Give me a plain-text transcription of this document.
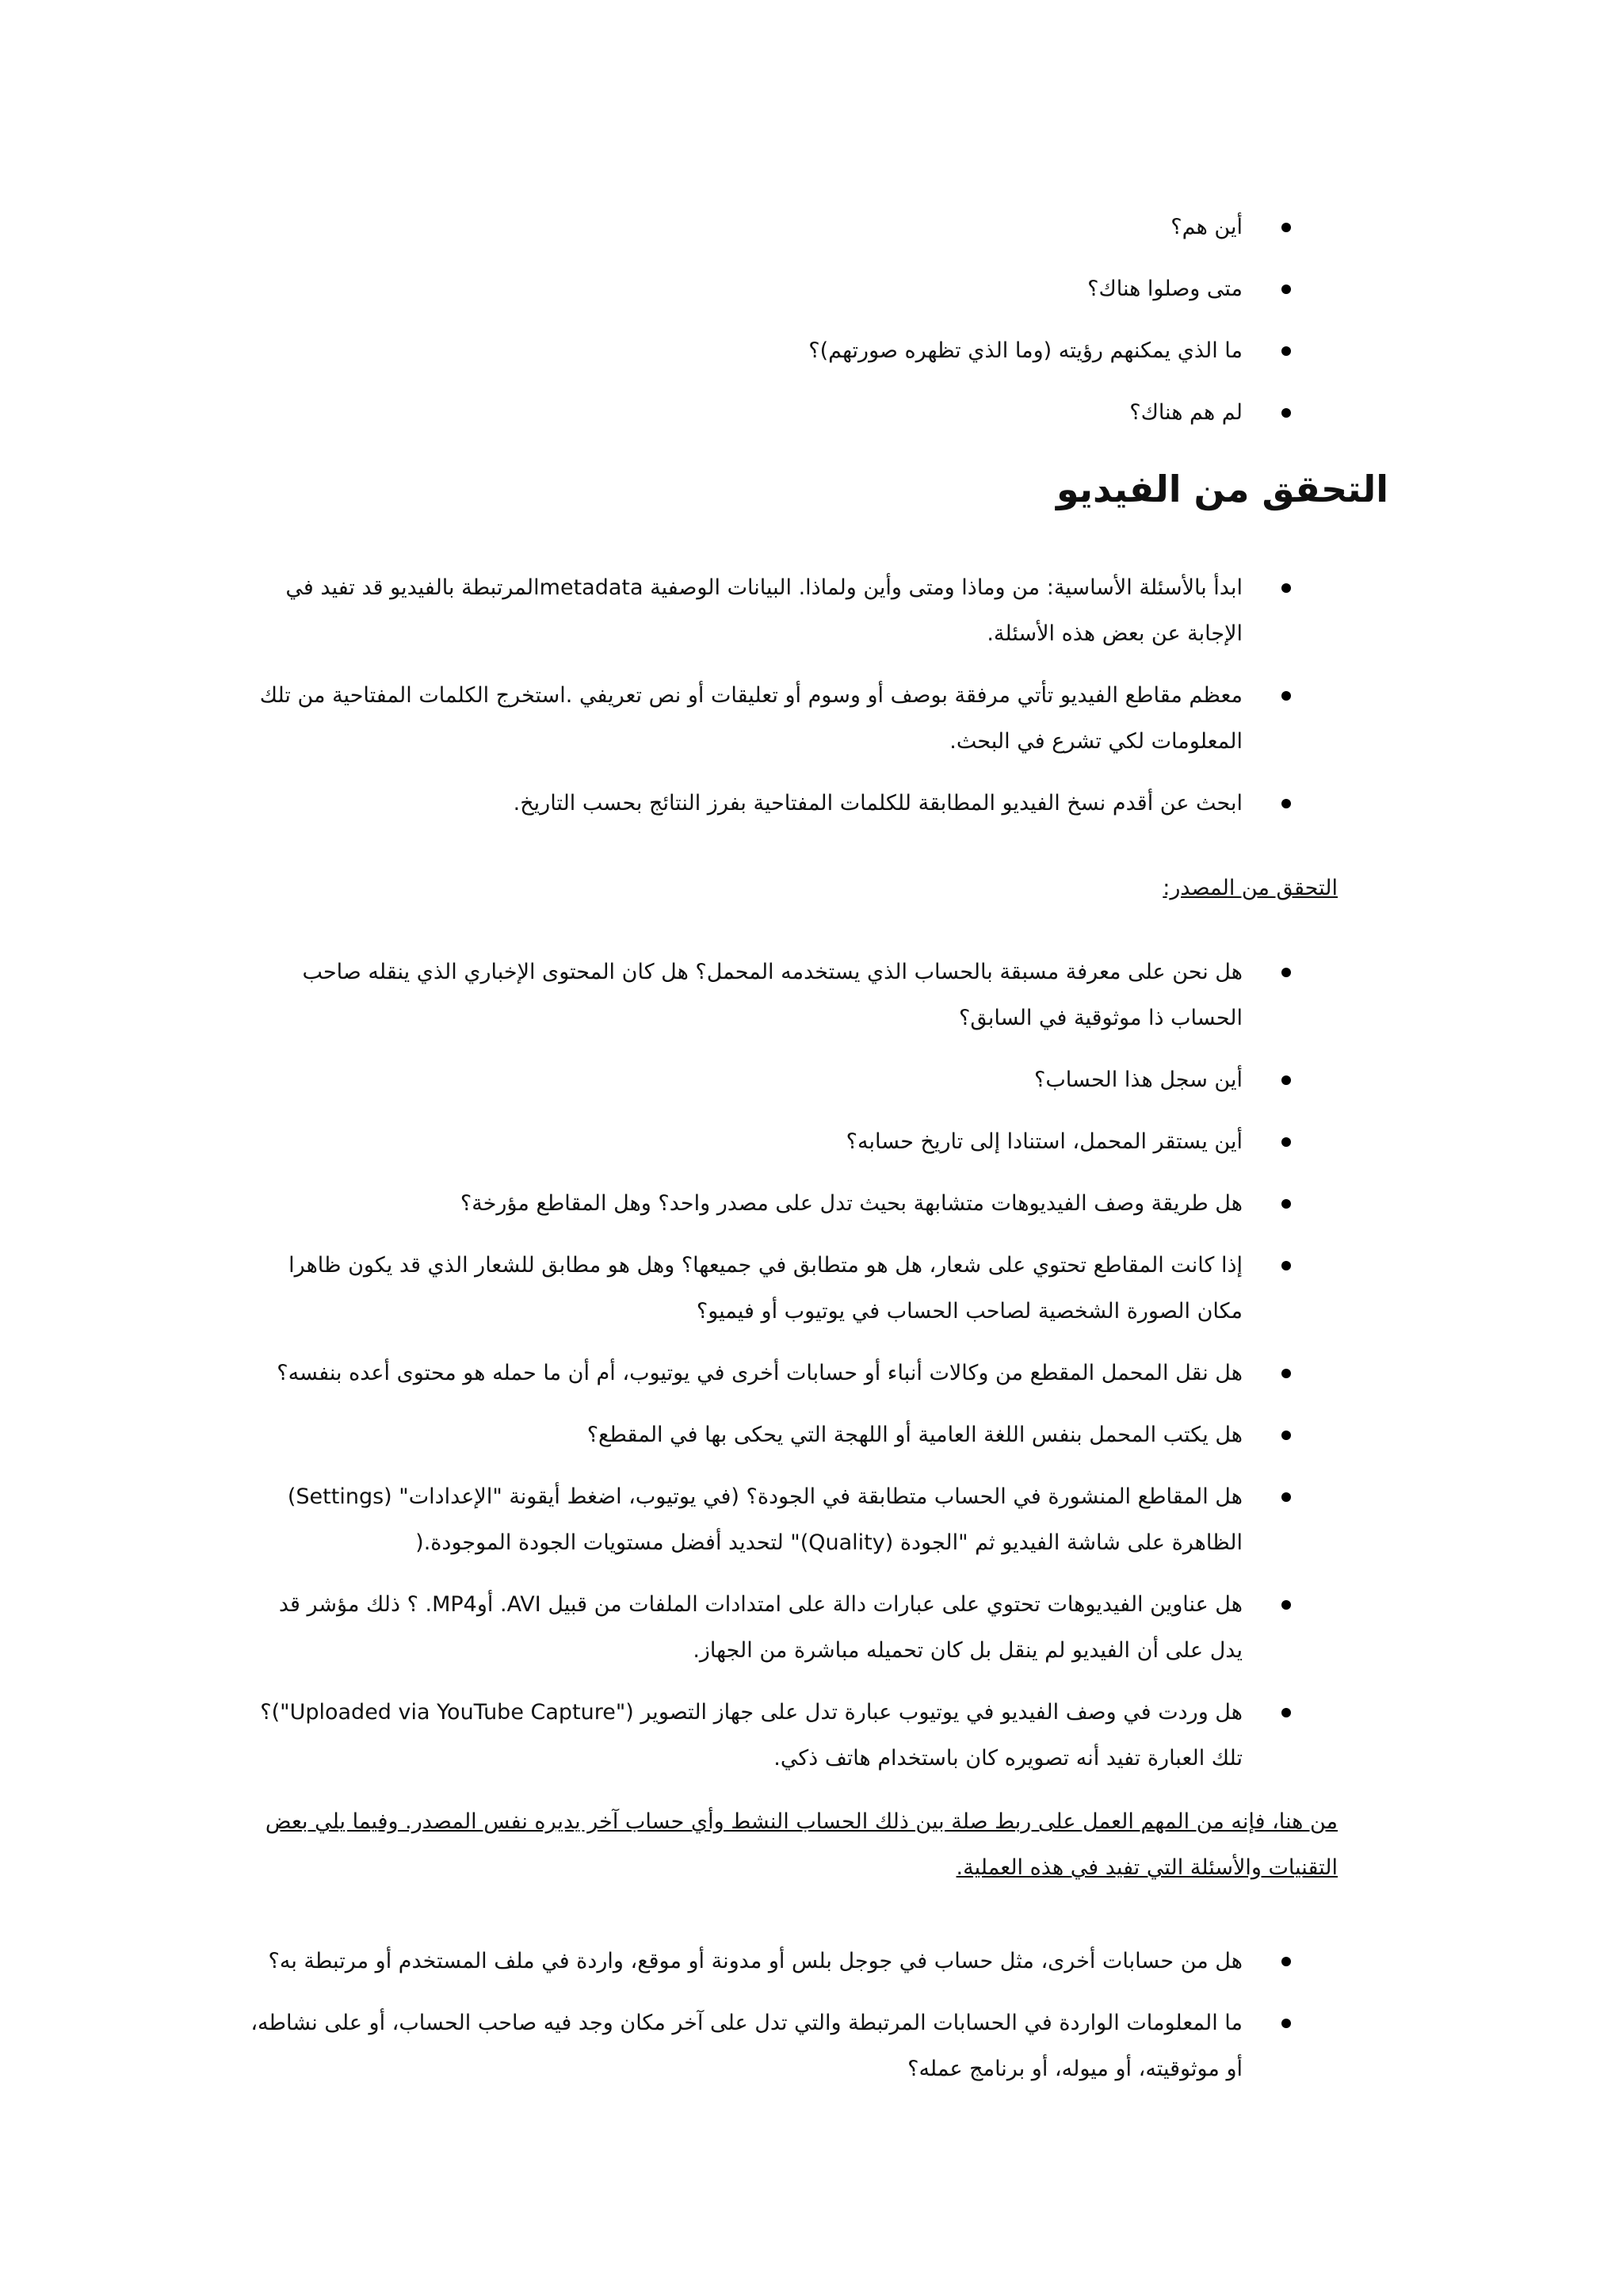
أين هم؟
متى وصلوا هناك؟
ما الذي يمكنهم رؤيته (وما الذي تظهره صورتهم)؟
لم هم هناك؟
التحقق من الفيديو
ابدأ بالأسئلة الأساسية: من وماذا ومتى وأين ولماذا. البيانات الوصفية metadataالمرتبطة بالفيديو قد تفيد في الإجابة عن بعض هذه الأسئلة.
معظم مقاطع الفيديو تأتي مرفقة بوصف أو وسوم أو تعليقات أو نص تعريفي .استخرج الكلمات المفتاحية من تلك المعلومات لكي تشرع في البحث.
ابحث عن أقدم نسخ الفيديو المطابقة للكلمات المفتاحية بفرز النتائج بحسب التاريخ.

التحقق من المصدر:

هل نحن على معرفة مسبقة بالحساب الذي يستخدمه المحمل؟ هل كان المحتوى الإخباري الذي ينقله صاحب الحساب ذا موثوقية في السابق؟
أين سجل هذا الحساب؟
أين يستقر المحمل، استنادا إلى تاريخ حسابه؟
هل طريقة وصف الفيديوهات متشابهة بحيث تدل على مصدر واحد؟ وهل المقاطع مؤرخة؟
إذا كانت المقاطع تحتوي على شعار، هل هو متطابق في جميعها؟ وهل هو مطابق للشعار الذي قد يكون ظاهرا مكان الصورة الشخصية لصاحب الحساب في يوتيوب أو فيميو؟
هل نقل المحمل المقطع من وكالات أنباء أو حسابات أخرى في يوتيوب، أم أن ما حمله هو محتوى أعده بنفسه؟
هل يكتب المحمل بنفس اللغة العامية أو اللهجة التي يحكى بها في المقطع؟
هل المقاطع المنشورة في الحساب متطابقة في الجودة؟ (في يوتيوب، اضغط أيقونة "الإعدادات" (Settings) الظاهرة على شاشة الفيديو ثم "الجودة (Quality)" لتحديد أفضل مستويات الجودة الموجودة.(
هل عناوين الفيديوهات تحتوي على عبارات دالة على امتدادات الملفات من قبيل AVI. أوMP4. ؟ ذلك مؤشر قد يدل على أن الفيديو لم ينقل بل كان تحميله مباشرة من الجهاز.
هل وردت في وصف الفيديو في يوتيوب عبارة تدل على جهاز التصوير ("Uploaded via YouTube Capture")؟ تلك العبارة تفيد أنه تصويره كان باستخدام هاتف ذكي.

من هنا، فإنه من المهم العمل على ربط صلة بين ذلك الحساب النشط وأي حساب آخر يديره نفس المصدر. وفيما يلي بعض التقنيات والأسئلة التي تفيد في هذه العملية.

هل من حسابات أخرى، مثل حساب في جوجل بلس أو مدونة أو موقع، واردة في ملف المستخدم أو مرتبطة به؟
ما المعلومات الواردة في الحسابات المرتبطة والتي تدل على آخر مكان وجد فيه صاحب الحساب، أو على نشاطه، أو موثوقيته، أو ميوله، أو برنامج عمله؟
